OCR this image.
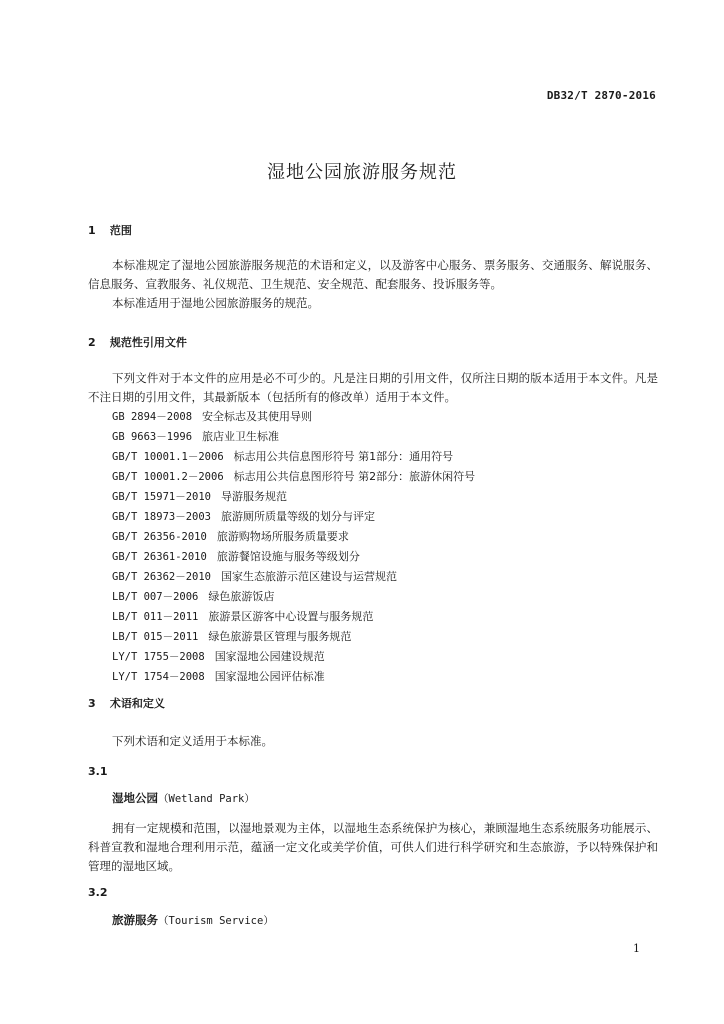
DB32/T 2870-2016
湿地公园旅游服务规范
1 范围
本标准规定了湿地公园旅游服务规范的术语和定义，以及游客中心服务、票务服务、交通服务、解说服务、信息服务、宣教服务、礼仪规范、卫生规范、安全规范、配套服务、投诉服务等。
本标准适用于湿地公园旅游服务的规范。
2 规范性引用文件
下列文件对于本文件的应用是必不可少的。凡是注日期的引用文件，仅所注日期的版本适用于本文件。凡是不注日期的引用文件，其最新版本（包括所有的修改单）适用于本文件。
GB 2894－2008 安全标志及其使用导则
GB 9663－1996 旅店业卫生标准
GB/T 10001.1－2006 标志用公共信息图形符号 第1部分：通用符号
GB/T 10001.2－2006 标志用公共信息图形符号 第2部分：旅游休闲符号
GB/T 15971－2010 导游服务规范
GB/T 18973－2003 旅游厕所质量等级的划分与评定
GB/T 26356-2010 旅游购物场所服务质量要求
GB/T 26361-2010 旅游餐馆设施与服务等级划分
GB/T 26362－2010 国家生态旅游示范区建设与运营规范
LB/T 007－2006 绿色旅游饭店
LB/T 011－2011 旅游景区游客中心设置与服务规范
LB/T 015－2011 绿色旅游景区管理与服务规范
LY/T 1755－2008 国家湿地公园建设规范
LY/T 1754－2008 国家湿地公园评估标准
3 术语和定义
下列术语和定义适用于本标准。
3.1
湿地公园（Wetland Park）
拥有一定规模和范围，以湿地景观为主体，以湿地生态系统保护为核心，兼顾湿地生态系统服务功能展示、科普宣教和湿地合理利用示范，蕴涵一定文化或美学价值，可供人们进行科学研究和生态旅游，予以特殊保护和管理的湿地区域。
3.2
旅游服务（Tourism Service）
1
